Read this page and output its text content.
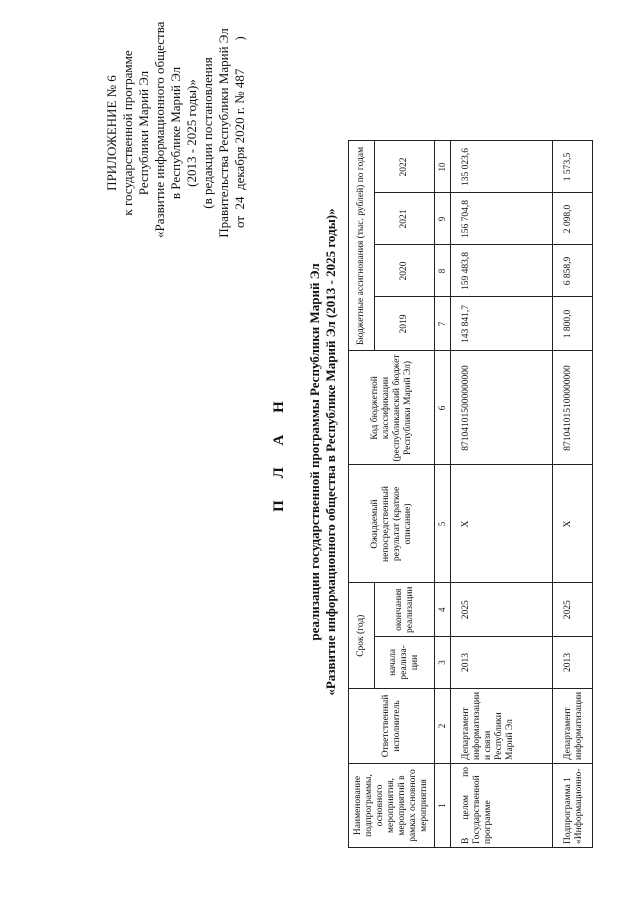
ПРИЛОЖЕНИЕ № 6 к государственной программе Республики Марий Эл «Развитие информационного общества в Республике Марий Эл (2013 - 2025 годы)» (в редакции постановления Правительства Республики Марий Эл от  24  декабря 2020 г. № 487)
П Л А Н реализации государственной программы Республики Марий Эл «Развитие информационного общества в Республике Марий Эл (2013 - 2025 годы)»
Наименование подпрограммы, основного мероприятия, мероприятий в рамках основного мероприятия	Ответственный исполнитель	Срок (год)		Ожидаемый непосредственный результат (краткое описание)	Код бюджетной классификации (республиканский бюджет Республики Марий Эл)	Бюджетные ассигнования (тыс. рублей) по годам			
		начала реализа-ции	окончания реализации			2019	2020	2021	2022
1	2	3	4	5	6	7	8	9	10
В целом по Государственной программе	Департамент информатизации и связи Республики Марий Эл	2013	2025	Х	871041015000000000	143 841,7	159 483,8	156 704,8	135 023,6
Подпрограмма 1 «Информационно-	Департамент информатизации	2013	2025	Х	871041015100000000	1 800,0	6 858,9	2 098,0	1 573,5
